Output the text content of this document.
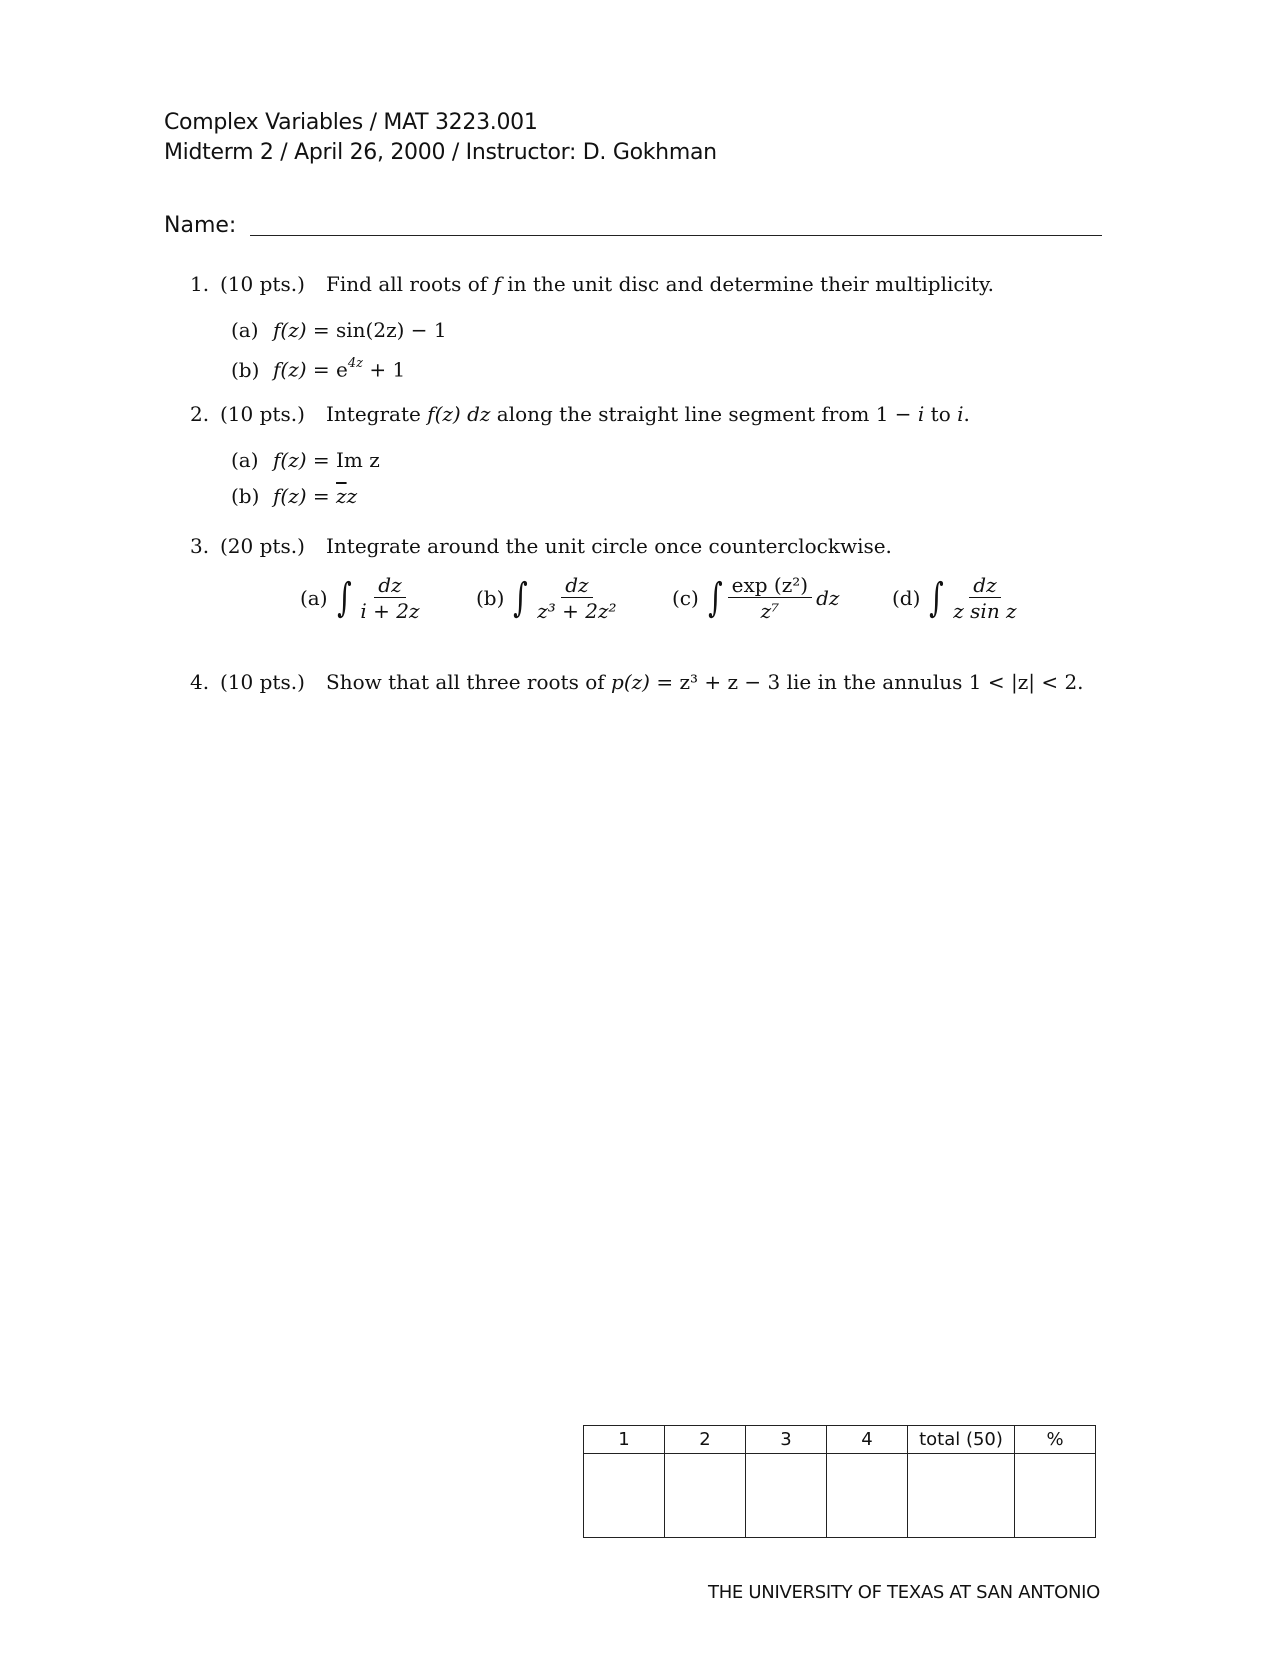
Complex Variables / MAT 3223.001
Midterm 2 / April 26, 2000 / Instructor: D. Gokhman
Name:
1. (10 pts.) Find all roots of f in the unit disc and determine their multiplicity.
(a) f(z) = sin(2z) − 1
(b) $f(z) = e^{4z} + 1$
2. (10 pts.) Integrate f(z) dz along the straight line segment from 1 − i to i.
(a) f(z) = Im z
(b) $f(z) = \overline{z}z$
3. (20 pts.) Integrate around the unit circle once counterclockwise.
(a) ∫ $\frac{dz}{i + 2z}$	(b) ∫ $\frac{dz}{\text{z³ + 2z²}}$	(c) ∫ $\frac{\text{exp (z²)}}{\text{z⁷}}$ dz	(d) ∫ $\frac{dz}{\text{z sin z}}$
4. (10 pts.) Show that all three roots of p(z) = z³ + z − 3 lie in the annulus 1 < |z| < 2.
1	2	3	4	total (50)	%

THE UNIVERSITY OF TEXAS AT SAN ANTONIO
